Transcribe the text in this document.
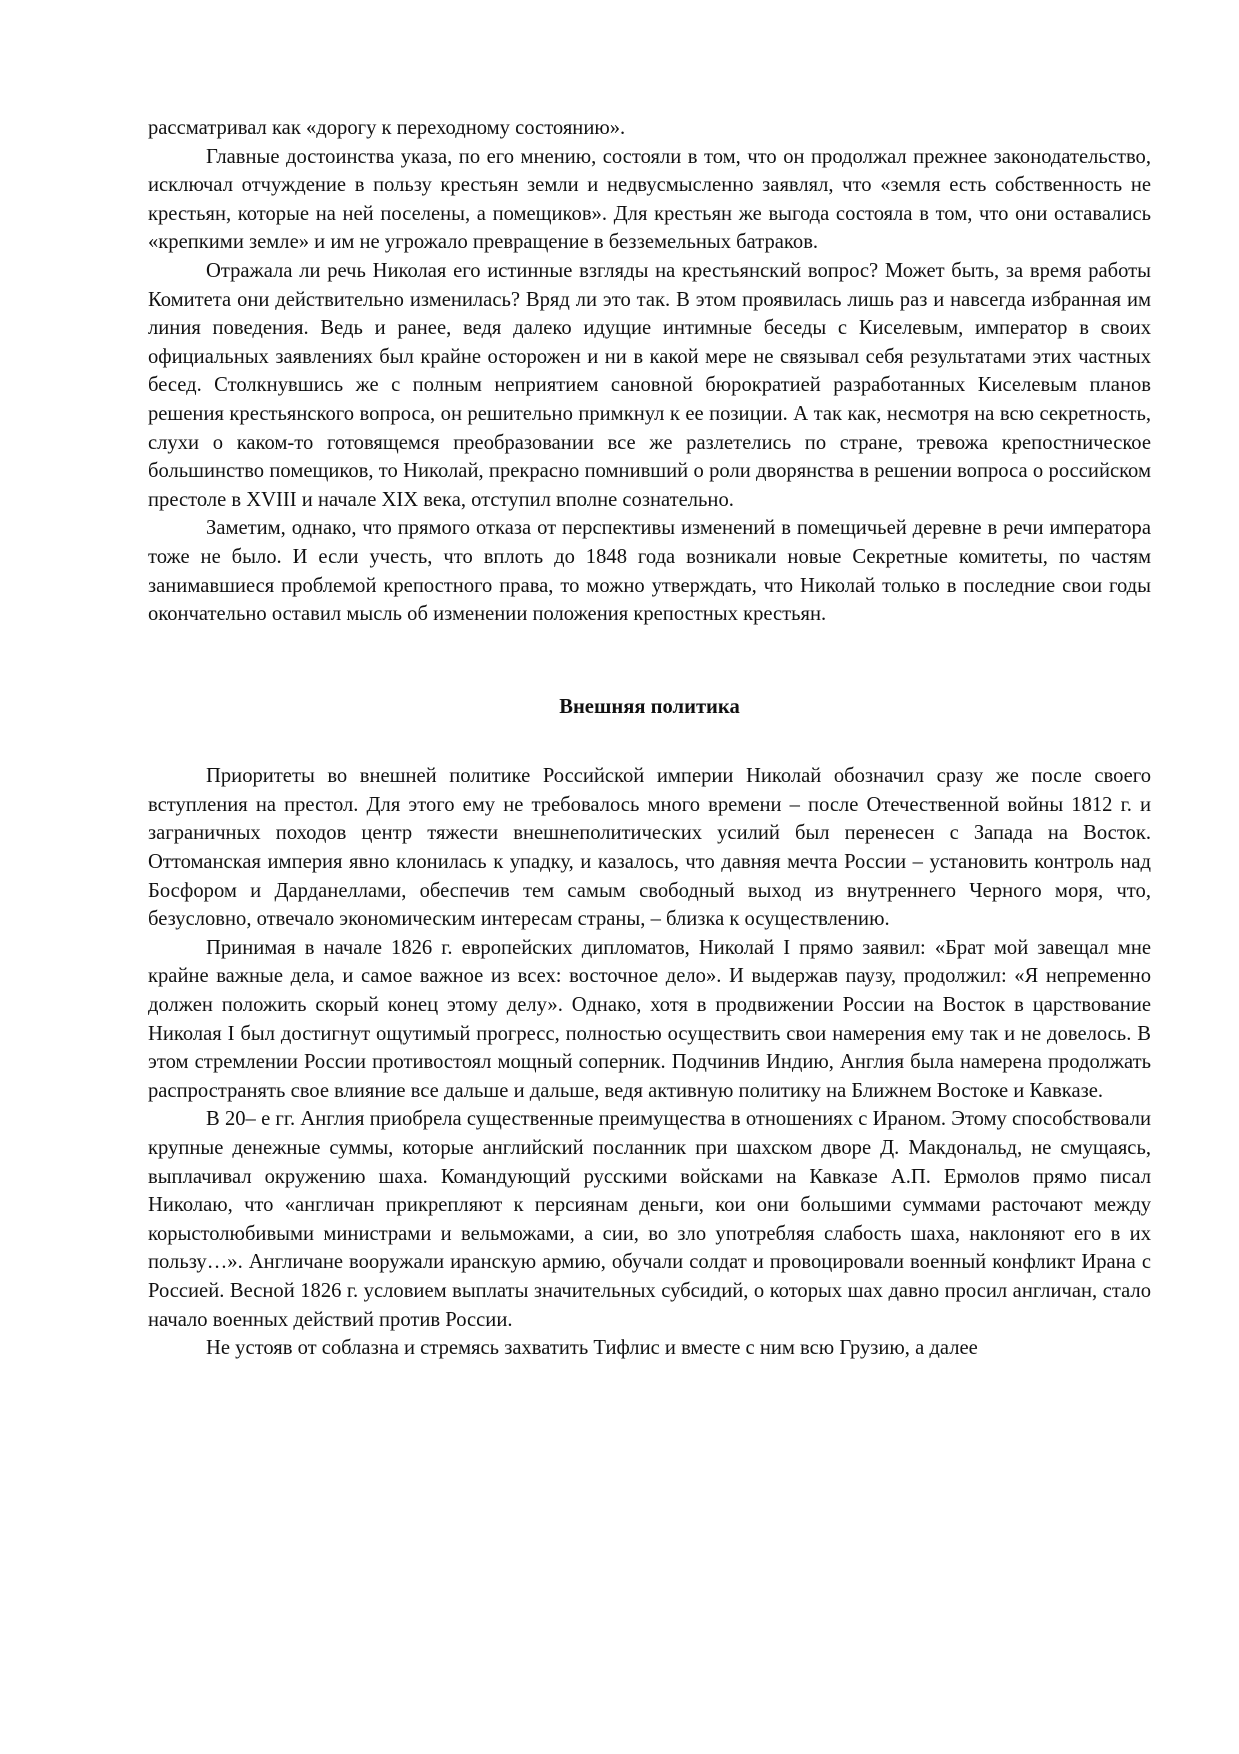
рассматривал как «дорогу к переходному состоянию».

Главные достоинства указа, по его мнению, состояли в том, что он продолжал прежнее законодательство, исключал отчуждение в пользу крестьян земли и недвусмысленно заявлял, что «земля есть собственность не крестьян, которые на ней поселены, а помещиков». Для крестьян же выгода состояла в том, что они оставались «крепкими земле» и им не угрожало превращение в безземельных батраков.

Отражала ли речь Николая его истинные взгляды на крестьянский вопрос? Может быть, за время работы Комитета они действительно изменилась? Вряд ли это так. В этом проявилась лишь раз и навсегда избранная им линия поведения. Ведь и ранее, ведя далеко идущие интимные беседы с Киселевым, император в своих официальных заявлениях был крайне осторожен и ни в какой мере не связывал себя результатами этих частных бесед. Столкнувшись же с полным неприятием сановной бюрократией разработанных Киселевым планов решения крестьянского вопроса, он решительно примкнул к ее позиции. А так как, несмотря на всю секретность, слухи о каком-то готовящемся преобразовании все же разлетелись по стране, тревожа крепостническое большинство помещиков, то Николай, прекрасно помнивший о роли дворянства в решении вопроса о российском престоле в XVIII и начале XIX века, отступил вполне сознательно.

Заметим, однако, что прямого отказа от перспективы изменений в помещичьей деревне в речи императора тоже не было. И если учесть, что вплоть до 1848 года возникали новые Секретные комитеты, по частям занимавшиеся проблемой крепостного права, то можно утверждать, что Николай только в последние свои годы окончательно оставил мысль об изменении положения крепостных крестьян.

Внешняя политика

Приоритеты во внешней политике Российской империи Николай обозначил сразу же после своего вступления на престол. Для этого ему не требовалось много времени – после Отечественной войны 1812 г. и заграничных походов центр тяжести внешнеполитических усилий был перенесен с Запада на Восток. Оттоманская империя явно клонилась к упадку, и казалось, что давняя мечта России – установить контроль над Босфором и Дарданеллами, обеспечив тем самым свободный выход из внутреннего Черного моря, что, безусловно, отвечало экономическим интересам страны, – близка к осуществлению.

Принимая в начале 1826 г. европейских дипломатов, Николай I прямо заявил: «Брат мой завещал мне крайне важные дела, и самое важное из всех: восточное дело». И выдержав паузу, продолжил: «Я непременно должен положить скорый конец этому делу». Однако, хотя в продвижении России на Восток в царствование Николая I был достигнут ощутимый прогресс, полностью осуществить свои намерения ему так и не довелось. В этом стремлении России противостоял мощный соперник. Подчинив Индию, Англия была намерена продолжать распространять свое влияние все дальше и дальше, ведя активную политику на Ближнем Востоке и Кавказе.

В 20– е гг. Англия приобрела существенные преимущества в отношениях с Ираном. Этому способствовали крупные денежные суммы, которые английский посланник при шахском дворе Д. Макдональд, не смущаясь, выплачивал окружению шаха. Командующий русскими войсками на Кавказе А.П. Ермолов прямо писал Николаю, что «англичан прикрепляют к персиянам деньги, кои они большими суммами расточают между корыстолюбивыми министрами и вельможами, а сии, во зло употребляя слабость шаха, наклоняют его в их пользу…». Англичане вооружали иранскую армию, обучали солдат и провоцировали военный конфликт Ирана с Россией. Весной 1826 г. условием выплаты значительных субсидий, о которых шах давно просил англичан, стало начало военных действий против России.

Не устояв от соблазна и стремясь захватить Тифлис и вместе с ним всю Грузию, а далее
